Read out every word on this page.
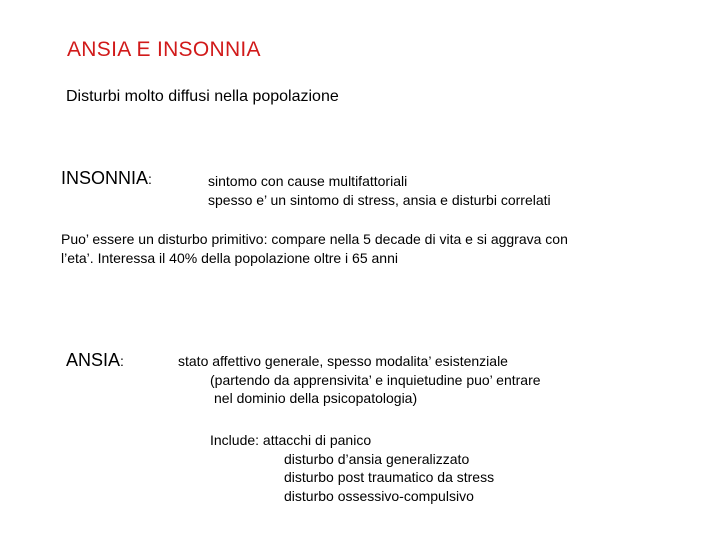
ANSIA E INSONNIA
Disturbi molto diffusi nella popolazione
INSONNIA:	sintomo con cause multifattoriali
spesso e’ un sintomo di stress, ansia e disturbi correlati
Puo’ essere un disturbo primitivo: compare nella 5 decade di vita e si aggrava con
l’eta’. Interessa il 40% della popolazione oltre i 65 anni
ANSIA:	stato affettivo generale, spesso modalita’ esistenziale
(partendo da apprensivita’ e inquietudine puo’ entrare
nel dominio della psicopatologia)
Include: attacchi di panico
disturbo d’ansia generalizzato
disturbo post traumatico da stress
disturbo ossessivo-compulsivo
